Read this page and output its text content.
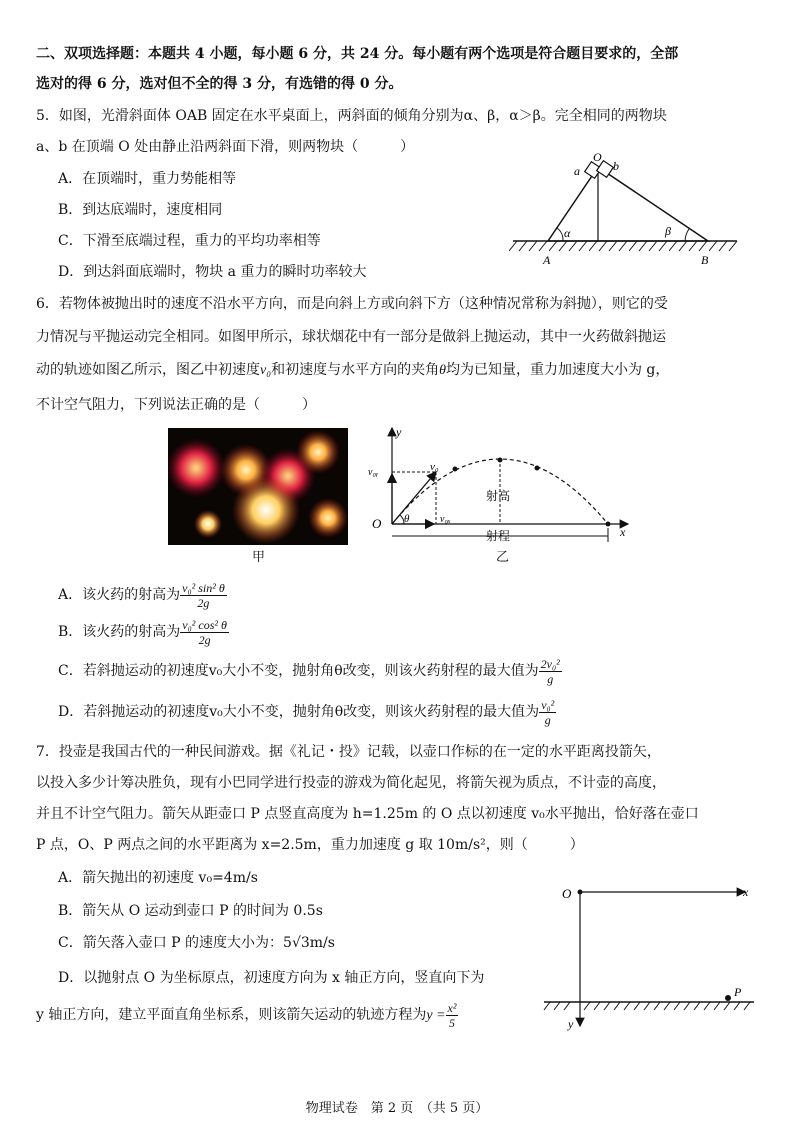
二、双项选择题：本题共 4 小题，每小题 6 分，共 24 分。每小题有两个选项是符合题目要求的，全部
选对的得 6 分，选对但不全的得 3 分，有选错的得 0 分。
5．如图，光滑斜面体 OAB 固定在水平桌面上，两斜面的倾角分别为α、β，α＞β。完全相同的两物块
a、b 在顶端 O 处由静止沿两斜面下滑，则两物块（　　　）
A．在顶端时，重力势能相等
B．到达底端时，速度相同
C．下滑至底端过程，重力的平均功率相等
D．到达斜面底端时，物块 a 重力的瞬时功率较大
O
a	b
α	β
A	B
6．若物体被抛出时的速度不沿水平方向，而是向斜上方或向斜下方（这种情况常称为斜抛），则它的受
力情况与平抛运动完全相同。如图甲所示，球状烟花中有一部分是做斜上抛运动，其中一火药做斜抛运
动的轨迹如图乙所示，图乙中初速度v₀和初速度与水平方向的夹角θ均为已知量，重力加速度大小为 g，
不计空气阻力，下列说法正确的是（　　　）
甲
y
x
O
v₀
v₀ᵧ
v₀ₓ
θ
射高
射程
乙
A．该火药的射高为 $\frac{\text{v₀² sin² θ}}{2g}$
B．该火药的射高为 $\frac{\text{v₀² cos² θ}}{2g}$
C．若斜抛运动的初速度v₀大小不变，抛射角θ改变，则该火药射程的最大值为 $\frac{\text{2v₀²}}{g}$
D．若斜抛运动的初速度v₀大小不变，抛射角θ改变，则该火药射程的最大值为 $\frac{\text{v₀²}}{g}$
7．投壶是我国古代的一种民间游戏。据《礼记・投》记载，以壶口作标的在一定的水平距离投箭矢，
以投入多少计筹决胜负，现有小巴同学进行投壶的游戏为简化起见，将箭矢视为质点，不计壶的高度，
并且不计空气阻力。箭矢从距壶口 P 点竖直高度为 h=1.25m 的 O 点以初速度 v₀水平抛出，恰好落在壶口
P 点，O、P 两点之间的水平距离为 x=2.5m，重力加速度 g 取 10m/s²，则（　　　）
A．箭矢抛出的初速度 v₀=4m/s
B．箭矢从 O 运动到壶口 P 的时间为 0.5s
C．箭矢落入壶口 P 的速度大小为：5√3m/s
D．以抛射点 O 为坐标原点，初速度方向为 x 轴正方向，竖直向下为
y 轴正方向，建立平面直角坐标系，则该箭矢运动的轨迹方程为$y = \frac{\text{x²}}{5}$
O	x
y
P
物理试卷　第 2 页　（共 5 页）
